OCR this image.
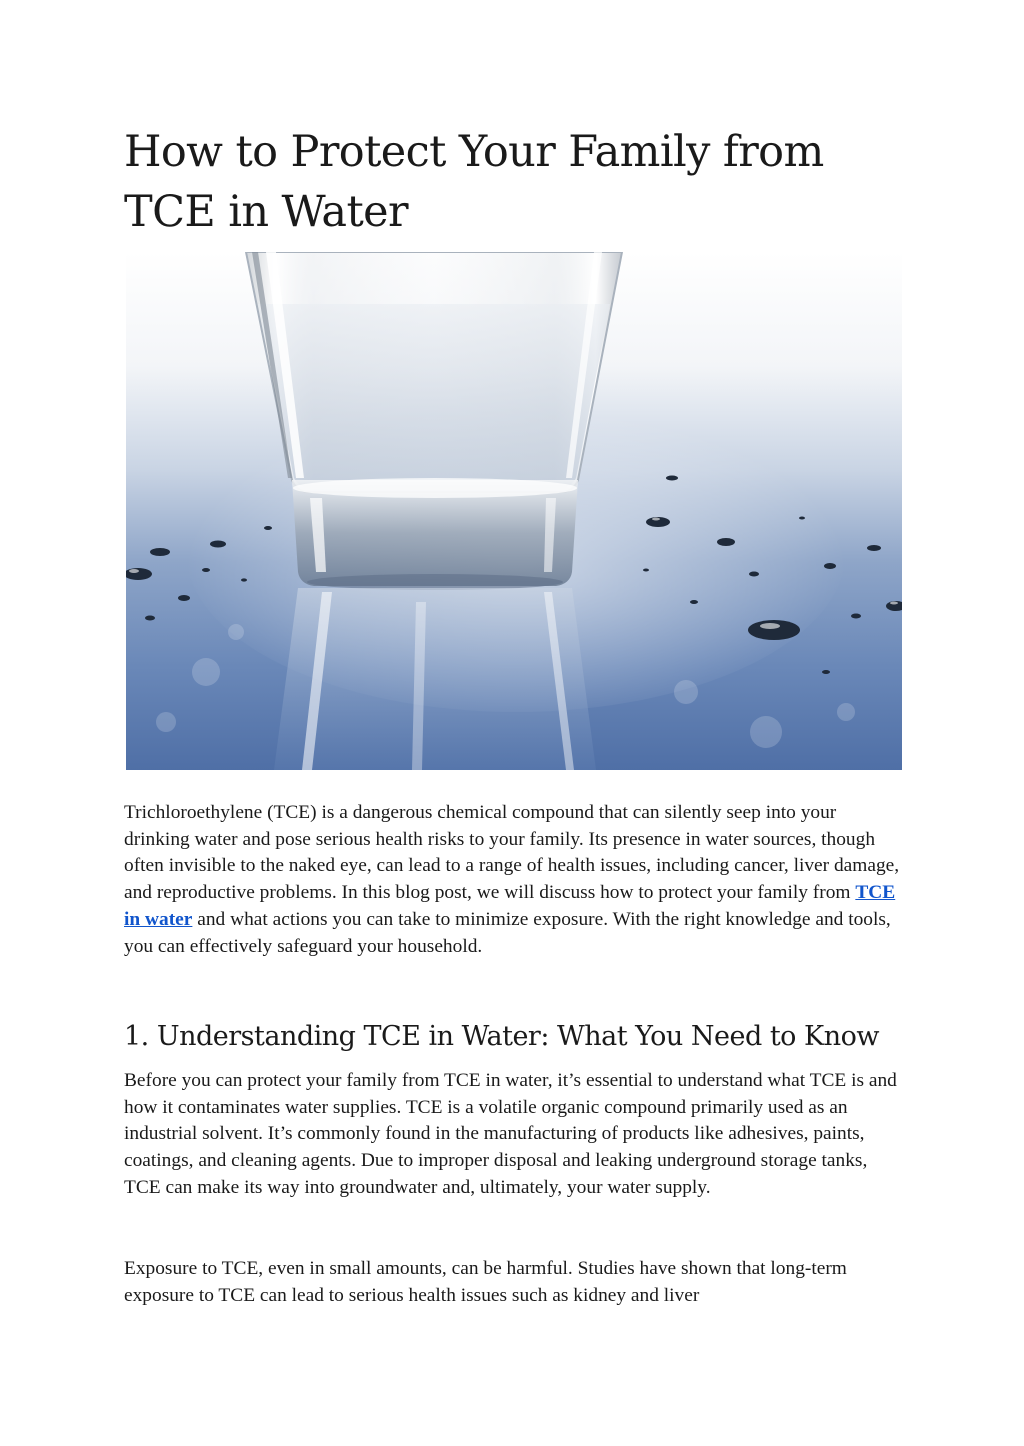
How to Protect Your Family from
TCE in Water

Trichloroethylene (TCE) is a dangerous chemical compound that can silently seep into your drinking water and pose serious health risks to your family. Its presence in water sources, though often invisible to the naked eye, can lead to a range of health issues, including cancer, liver damage, and reproductive problems. In this blog post, we will discuss how to protect your family from TCE in water and what actions you can take to minimize exposure. With the right knowledge and tools, you can effectively safeguard your household.

1. Understanding TCE in Water: What You Need to Know

Before you can protect your family from TCE in water, it’s essential to understand what TCE is and how it contaminates water supplies. TCE is a volatile organic compound primarily used as an industrial solvent. It’s commonly found in the manufacturing of products like adhesives, paints, coatings, and cleaning agents. Due to improper disposal and leaking underground storage tanks, TCE can make its way into groundwater and, ultimately, your water supply.

Exposure to TCE, even in small amounts, can be harmful. Studies have shown that long-term exposure to TCE can lead to serious health issues such as kidney and liver
